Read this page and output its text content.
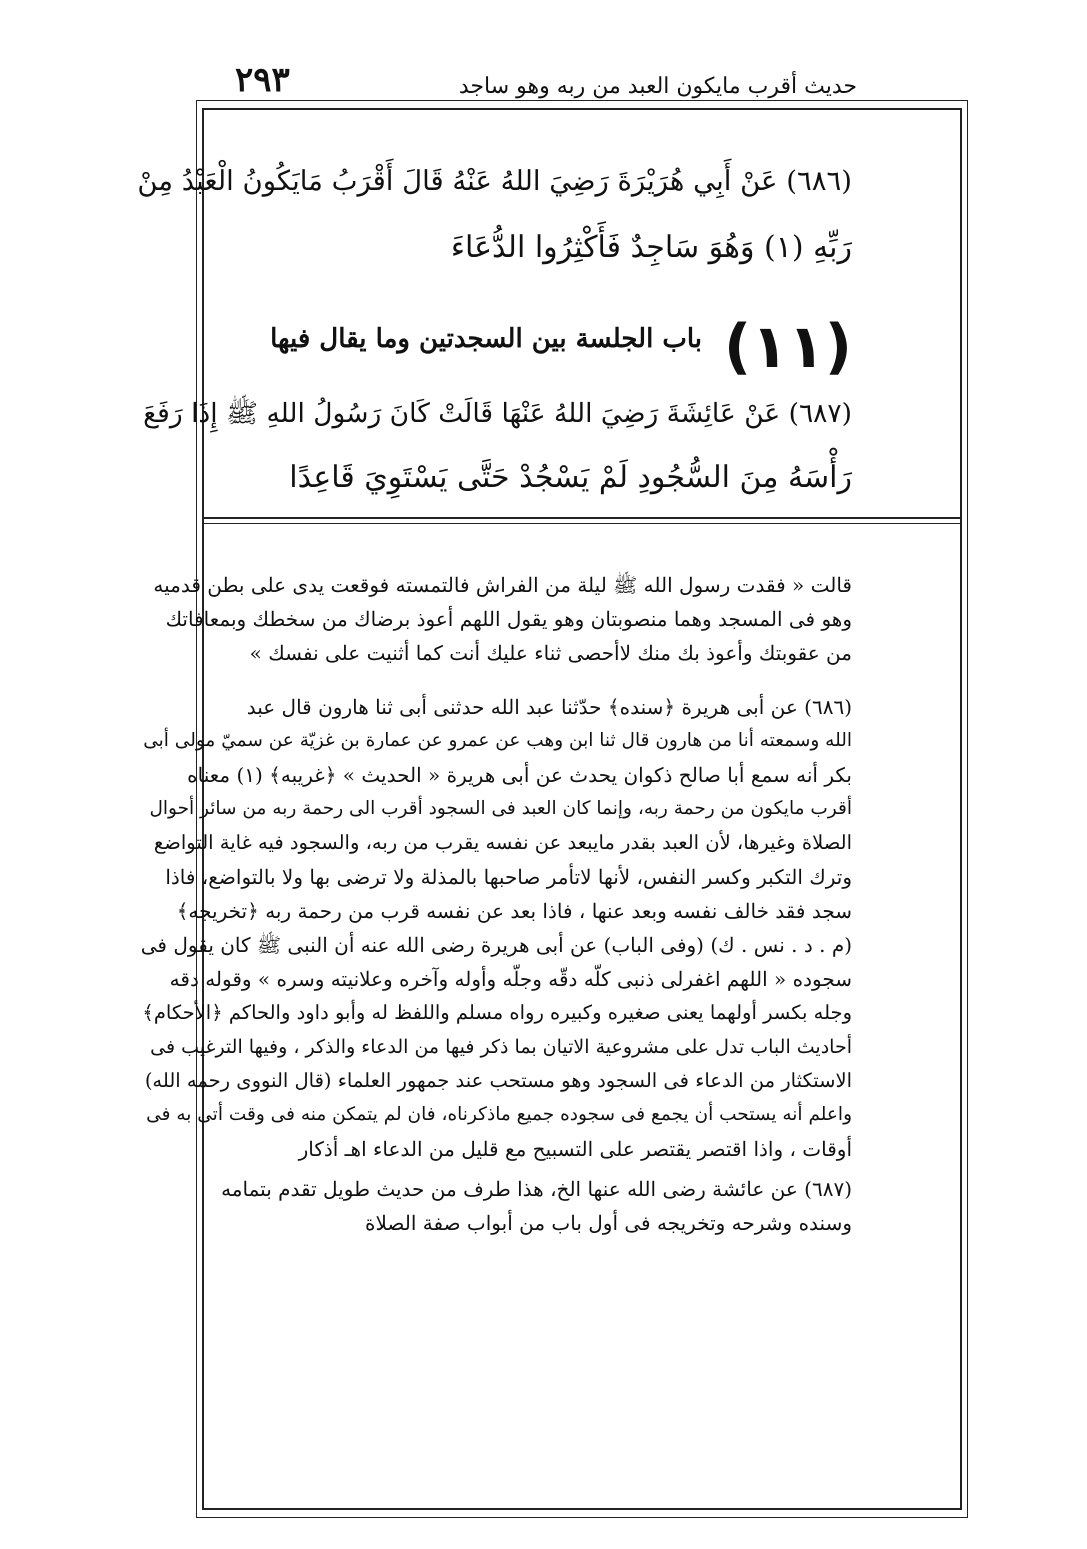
٢٩٣	حديث أقرب مايكون العبد من ربه وهو ساجد
(٦٨٦) عَنْ أَبِي هُرَيْرَةَ رَضِيَ اللهُ عَنْهُ قَالَ أَقْرَبُ مَايَكُونُ الْعَبْدُ مِنْ
رَبِّهِ (١) وَهُوَ سَاجِدٌ فَأَكْثِرُوا الدُّعَاءَ
(١١)
باب الجلسة بين السجدتين وما يقال فيها
(٦٨٧) عَنْ عَائِشَةَ رَضِيَ اللهُ عَنْهَا قَالَتْ كَانَ رَسُولُ اللهِ ﷺ إِذَا رَفَعَ
رَأْسَهُ مِنَ السُّجُودِ لَمْ يَسْجُدْ حَتَّى يَسْتَوِيَ قَاعِدًا
قالت « فقدت رسول الله ﷺ ليلة من الفراش فالتمسته فوقعت يدى على بطن قدميه
وهو فى المسجد وهما منصوبتان وهو يقول اللهم أعوذ برضاك من سخطك وبمعافاتك
من عقوبتك وأعوذ بك منك لاأحصى ثناء عليك أنت كما أثنيت على نفسك »
(٦٨٦) عن أبى هريرة ﴿سنده﴾ حدّثنا عبد الله حدثنى أبى ثنا هارون قال عبد
الله وسمعته أنا من هارون قال ثنا ابن وهب عن عمرو عن عمارة بن غزيّة عن سميّ مولى أبى
بكر أنه سمع أبا صالح ذكوان يحدث عن أبى هريرة « الحديث » ﴿غريبه﴾ (١) معناه
أقرب مايكون من رحمة ربه، وإنما كان العبد فى السجود أقرب الى رحمة ربه من سائر أحوال
الصلاة وغيرها، لأن العبد بقدر مايبعد عن نفسه يقرب من ربه، والسجود فيه غاية التواضع
وترك التكبر وكسر النفس، لأنها لاتأمر صاحبها بالمذلة ولا ترضى بها ولا بالتواضع، فاذا
سجد فقد خالف نفسه وبعد عنها ، فاذا بعد عن نفسه قرب من رحمة ربه ﴿تخريجه﴾
(م . د . نس . ك) (وفى الباب) عن أبى هريرة رضى الله عنه أن النبى ﷺ كان يقول فى
سجوده « اللهم اغفرلى ذنبى كلّه دقّه وجلّه وأوله وآخره وعلانيته وسره » وقوله دقه
وجله بكسر أولهما يعنى صغيره وكبيره رواه مسلم واللفظ له وأبو داود والحاكم ﴿الأحكام﴾
أحاديث الباب تدل على مشروعية الاتيان بما ذكر فيها من الدعاء والذكر ، وفيها الترغيب فى
الاستكثار من الدعاء فى السجود وهو مستحب عند جمهور العلماء (قال النووى رحمه الله)
واعلم أنه يستحب أن يجمع فى سجوده جميع ماذكرناه، فان لم يتمكن منه فى وقت أتى به فى
أوقات ، واذا اقتصر يقتصر على التسبيح مع قليل من الدعاء اهـ أذكار
(٦٨٧) عن عائشة رضى الله عنها الخ، هذا طرف من حديث طويل تقدم بتمامه
وسنده وشرحه وتخريجه فى أول باب من أبواب صفة الصلاة
